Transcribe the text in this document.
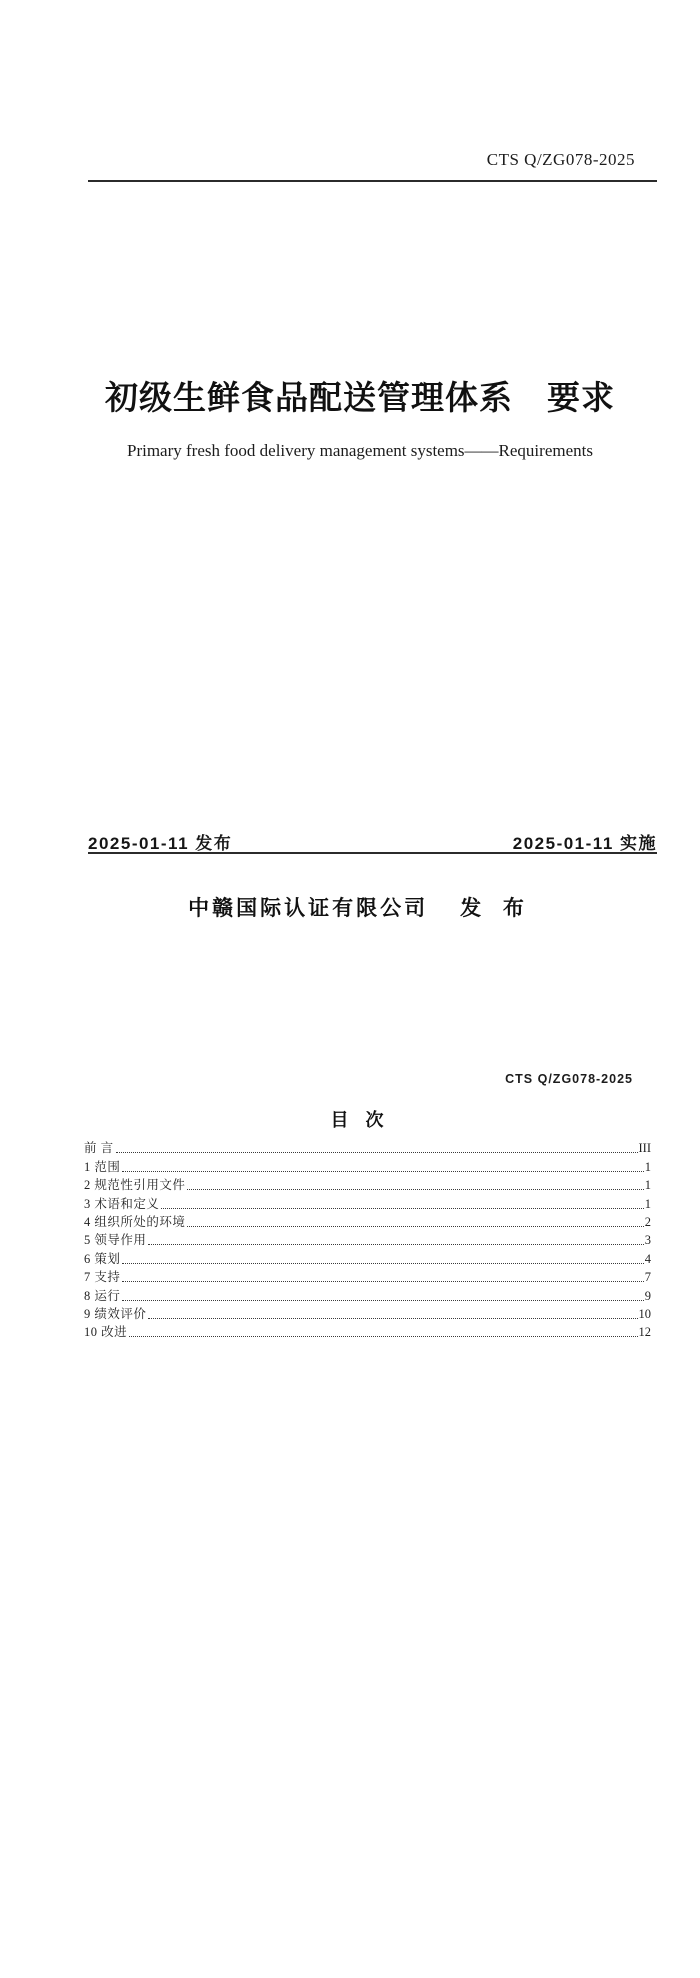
CTS Q/ZG078-2025
初级生鲜食品配送管理体系　要求
Primary fresh food delivery management systems——Requirements
2025-01-11 发布	2025-01-11 实施
中赣国际认证有限公司 发 布
CTS Q/ZG078-2025
目 次
前 言	III
1 范围	1
2 规范性引用文件	1
3 术语和定义	1
4 组织所处的环境	2
5 领导作用	3
6 策划	4
7 支持	7
8 运行	9
9 绩效评价	10
10 改进	12
